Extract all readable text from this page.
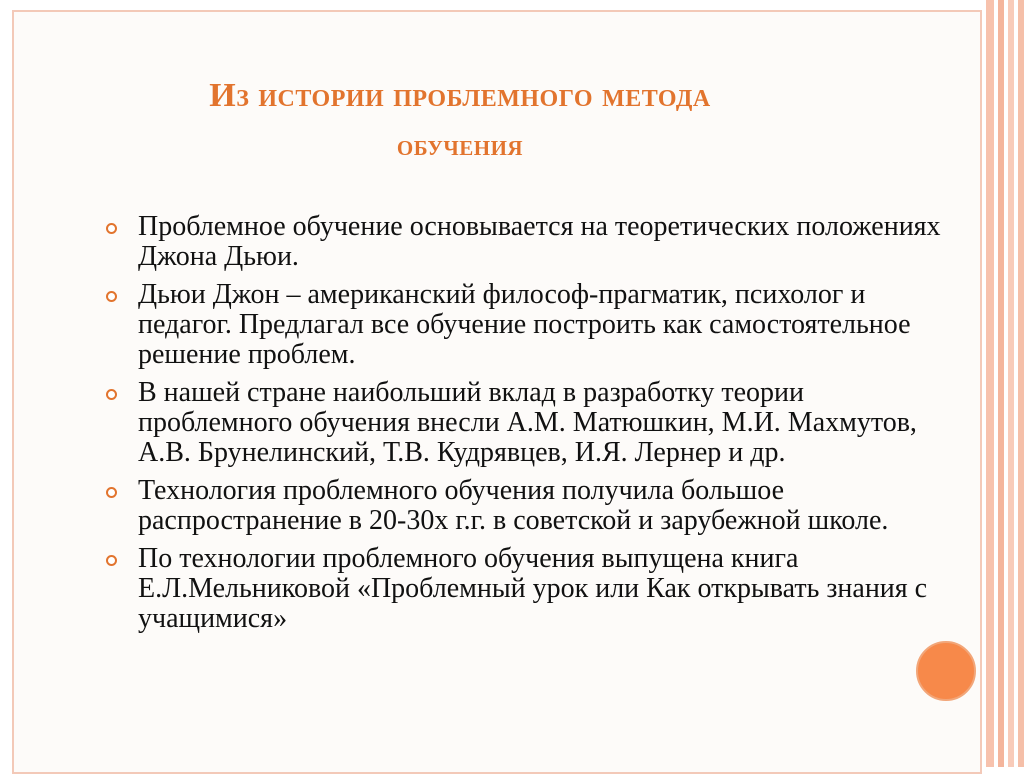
Из истории проблемного метода
обучения
Проблемное обучение основывается на теоретических положениях Джона Дьюи.
Дьюи Джон – американский философ-прагматик, психолог и педагог. Предлагал все обучение построить как самостоятельное решение проблем.
В нашей стране наибольший вклад в разработку теории проблемного обучения внесли А.М. Матюшкин, М.И. Махмутов, А.В. Брунелинский, Т.В. Кудрявцев, И.Я. Лернер и др.
Технология проблемного обучения получила большое распространение в 20-30х г.г. в советской и зарубежной школе.
По технологии проблемного обучения выпущена книга Е.Л.Мельниковой «Проблемный урок или Как открывать знания с учащимися»
